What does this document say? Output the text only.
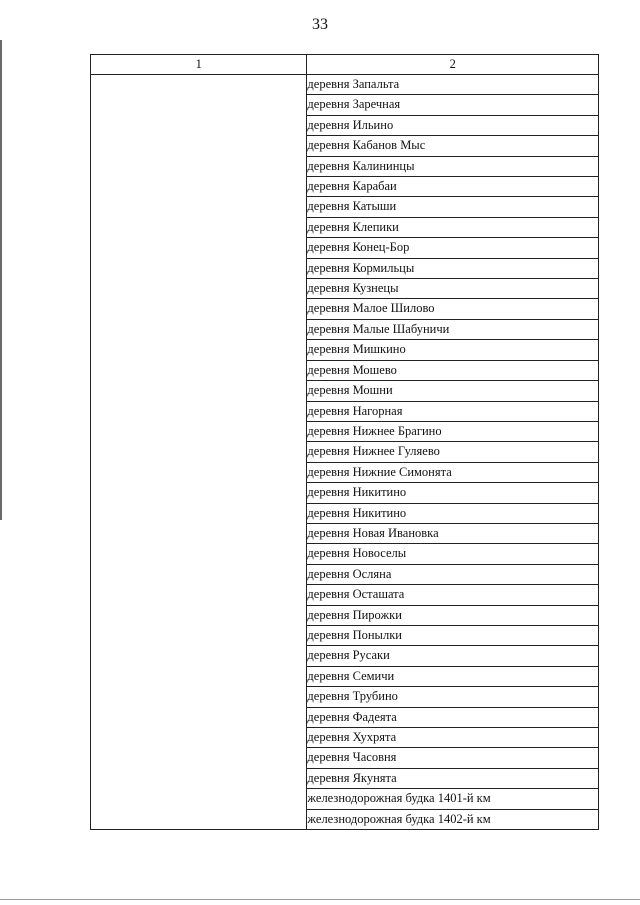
33
1	2
	деревня Запальта
	деревня Заречная
	деревня Ильино
	деревня Кабанов Мыс
	деревня Калининцы
	деревня Карабаи
	деревня Катыши
	деревня Клепики
	деревня Конец-Бор
	деревня Кормильцы
	деревня Кузнецы
	деревня Малое Шилово
	деревня Малые Шабуничи
	деревня Мишкино
	деревня Мошево
	деревня Мошни
	деревня Нагорная
	деревня Нижнее Брагино
	деревня Нижнее Гуляево
	деревня Нижние Симонята
	деревня Никитино
	деревня Никитино
	деревня Новая Ивановка
	деревня Новоселы
	деревня Осляна
	деревня Осташата
	деревня Пирожки
	деревня Понылки
	деревня Русаки
	деревня Семичи
	деревня Трубино
	деревня Фадеята
	деревня Хухрята
	деревня Часовня
	деревня Якунята
	железнодорожная будка 1401-й км
	железнодорожная будка 1402-й км
